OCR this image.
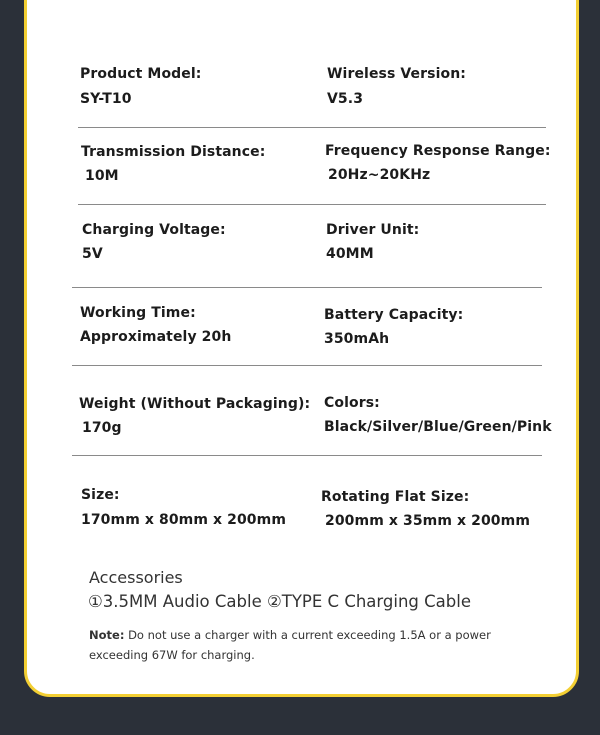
Product Model:
SY-T10
Wireless Version:
V5.3
Transmission Distance:
10M
Frequency Response Range:
20Hz~20KHz
Charging Voltage:
5V
Driver Unit:
40MM
Working Time:
Approximately 20h
Battery Capacity:
350mAh
Weight (Without Packaging):
170g
Colors:
Black/Silver/Blue/Green/Pink
Size:
170mm x 80mm x 200mm
Rotating Flat Size:
200mm x 35mm x 200mm
Accessories
①3.5MM Audio Cable ②TYPE C Charging Cable
Note: Do not use a charger with a current exceeding 1.5A or a power exceeding 67W for charging.
